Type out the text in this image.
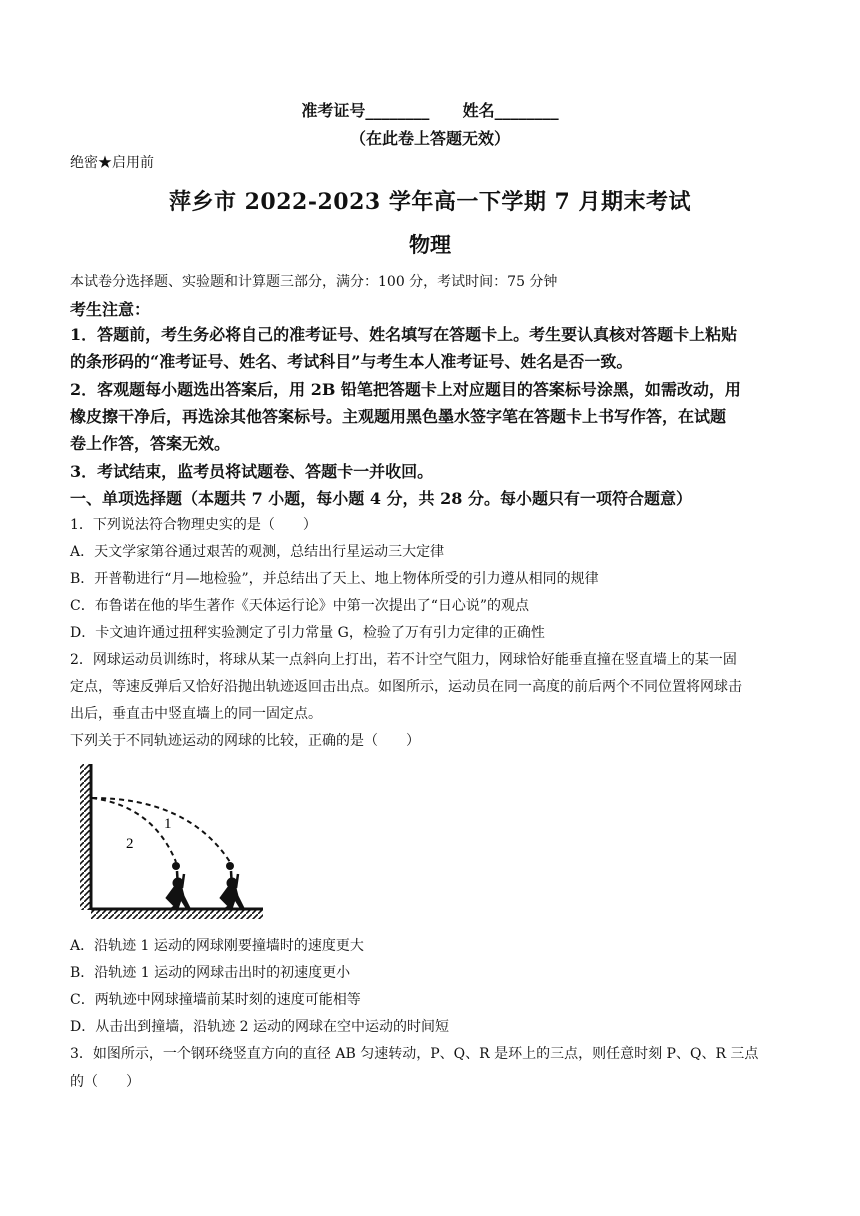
准考证号________ 姓名________
（在此卷上答题无效）
绝密★启用前
萍乡市 2022-2023 学年高一下学期 7 月期末考试
物理
本试卷分选择题、实验题和计算题三部分，满分：100 分，考试时间：75 分钟
考生注意：
1．答题前，考生务必将自己的准考证号、姓名填写在答题卡上。考生要认真核对答题卡上粘贴
的条形码的“准考证号、姓名、考试科目”与考生本人准考证号、姓名是否一致。
2．客观题每小题选出答案后，用 2B 铅笔把答题卡上对应题目的答案标号涂黑，如需改动，用
橡皮擦干净后，再选涂其他答案标号。主观题用黑色墨水签字笔在答题卡上书写作答，在试题
卷上作答，答案无效。
3．考试结束，监考员将试题卷、答题卡一并收回。
一、单项选择题（本题共 7 小题，每小题 4 分，共 28 分。每小题只有一项符合题意）
1．下列说法符合物理史实的是（　　）
A．天文学家第谷通过艰苦的观测，总结出行星运动三大定律
B．开普勒进行“月—地检验”，并总结出了天上、地上物体所受的引力遵从相同的规律
C．布鲁诺在他的毕生著作《天体运行论》中第一次提出了“日心说”的观点
D．卡文迪许通过扭秤实验测定了引力常量 G，检验了万有引力定律的正确性
2．网球运动员训练时，将球从某一点斜向上打出，若不计空气阻力，网球恰好能垂直撞在竖直墙上的某一固
定点，等速反弹后又恰好沿抛出轨迹返回击出点。如图所示，运动员在同一高度的前后两个不同位置将网球击
出后，垂直击中竖直墙上的同一固定点。
下列关于不同轨迹运动的网球的比较，正确的是（　　）
1
2
A．沿轨迹 1 运动的网球刚要撞墙时的速度更大
B．沿轨迹 1 运动的网球击出时的初速度更小
C．两轨迹中网球撞墙前某时刻的速度可能相等
D．从击出到撞墙，沿轨迹 2 运动的网球在空中运动的时间短
3．如图所示，一个钢环绕竖直方向的直径 AB 匀速转动，P、Q、R 是环上的三点，则任意时刻 P、Q、R 三点
的（　　）
